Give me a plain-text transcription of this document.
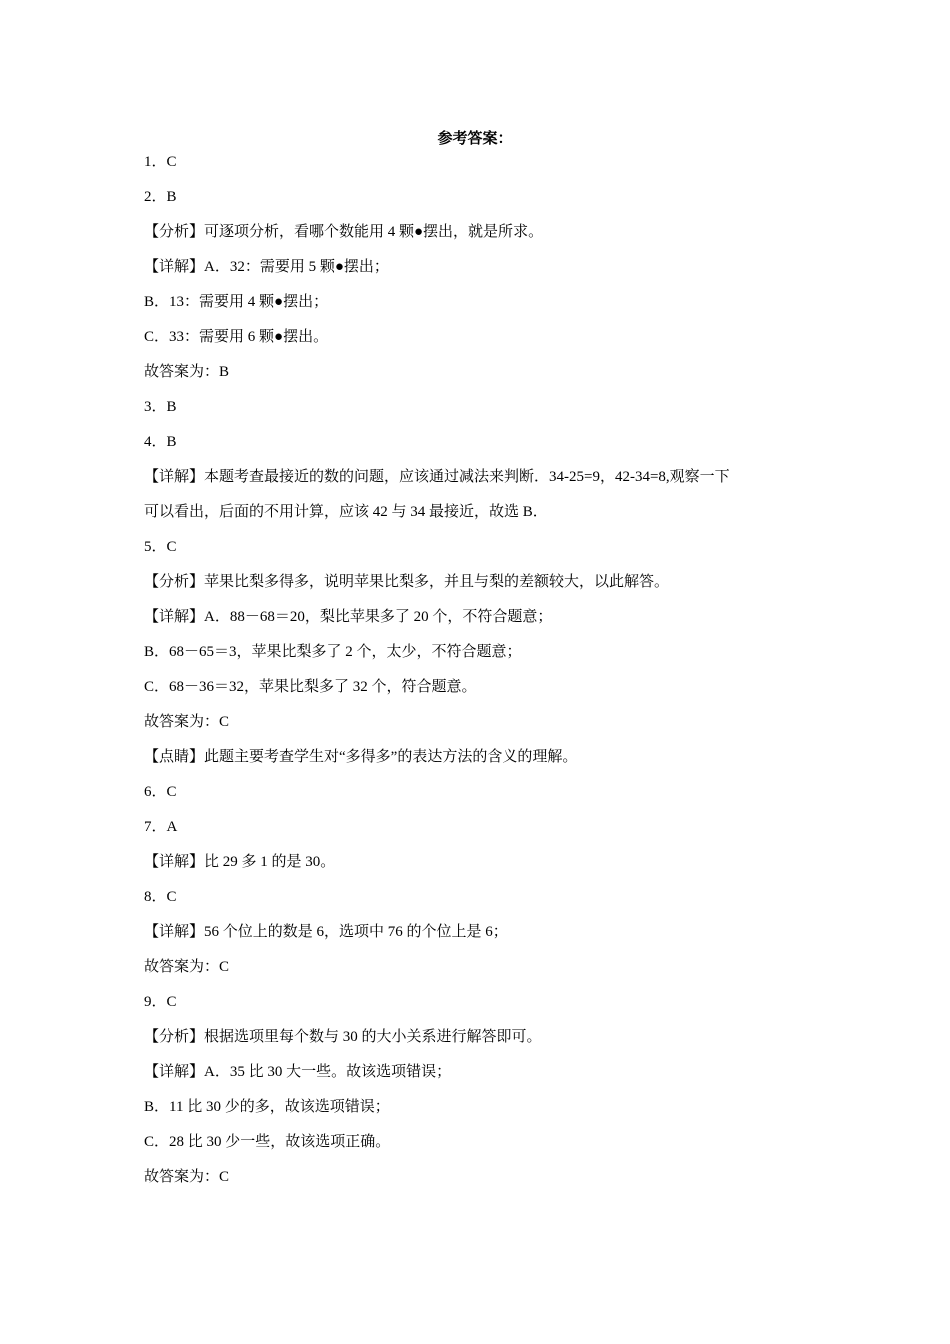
参考答案：
1．C
2．B
【分析】可逐项分析，看哪个数能用 4 颗●摆出，就是所求。
【详解】A．32：需要用 5 颗●摆出；
B．13：需要用 4 颗●摆出；
C．33：需要用 6 颗●摆出。
故答案为：B
3．B
4．B
【详解】本题考查最接近的数的问题，应该通过减法来判断．34-25=9，42-34=8,观察一下
可以看出，后面的不用计算，应该 42 与 34 最接近，故选 B．
5．C
【分析】苹果比梨多得多，说明苹果比梨多，并且与梨的差额较大，以此解答。
【详解】A．88－68＝20，梨比苹果多了 20 个，不符合题意；
B．68－65＝3，苹果比梨多了 2 个，太少，不符合题意；
C．68－36＝32，苹果比梨多了 32 个，符合题意。
故答案为：C
【点睛】此题主要考查学生对“多得多”的表达方法的含义的理解。
6．C
7．A
【详解】比 29 多 1 的是 30。
8．C
【详解】56 个位上的数是 6，选项中 76 的个位上是 6；
故答案为：C
9．C
【分析】根据选项里每个数与 30 的大小关系进行解答即可。
【详解】A．35 比 30 大一些。故该选项错误；
B．11 比 30 少的多，故该选项错误；
C．28 比 30 少一些，故该选项正确。
故答案为：C
